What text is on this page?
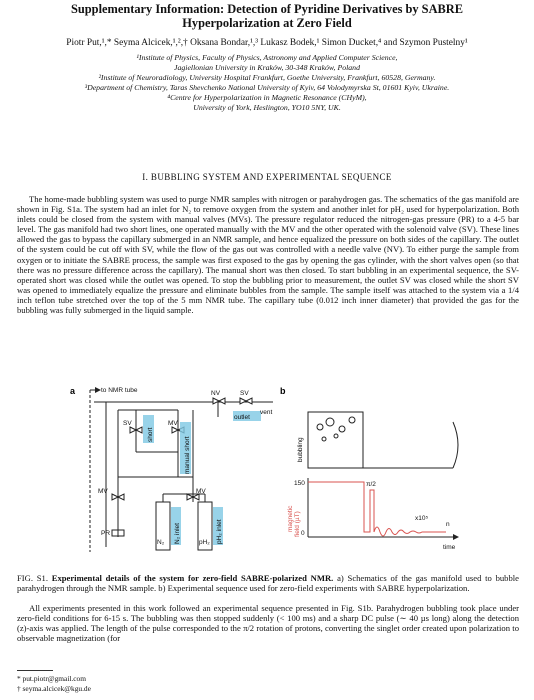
Supplementary Information: Detection of Pyridine Derivatives by SABRE
Hyperpolarization at Zero Field
Piotr Put,¹,* Seyma Alcicek,¹,²,† Oksana Bondar,¹,³ Lukasz Bodek,¹ Simon Ducket,⁴ and Szymon Pustelny¹
¹Institute of Physics, Faculty of Physics, Astronomy and Applied Computer Science,
Jagiellonian University in Kraków, 30-348 Kraków, Poland
²Institute of Neuroradiology, University Hospital Frankfurt, Goethe University, Frankfurt, 60528, Germany.
³Department of Chemistry, Taras Shevchenko National University of Kyiv, 64 Volodymyrska St, 01601 Kyiv, Ukraine.
⁴Centre for Hyperpolarization in Magnetic Resonance (CHyM),
University of York, Heslington, YO10 5NY, UK.
I. BUBBLING SYSTEM AND EXPERIMENTAL SEQUENCE
The home-made bubbling system was used to purge NMR samples with nitrogen or parahydrogen gas. The schematics of the gas manifold are shown in Fig. S1a. The system had an inlet for N₂ to remove oxygen from the system and another inlet for pH₂ used for hyperpolarization. Both inlets could be closed from the system with manual valves (MVs). The pressure regulator reduced the nitrogen-gas pressure (PR) to a 4-5 bar level. The gas manifold had two short lines, one operated manually with the MV and the other operated with the solenoid valve (SV). These lines allowed the gas to bypass the capillary submerged in an NMR sample, and hence equalized the pressure on both sides of the capillary. The outlet of the system could be cut off with SV, while the flow of the gas out was controlled with a needle valve (NV). To either purge the sample from oxygen or to initiate the SABRE process, the sample was first exposed to the gas by opening the gas cylinder, with the short valves open (so that there was no pressure difference across the capillary). The manual short was then closed. To start bubbling in an experimental sequence, the SV-operated short was closed while the outlet was opened. To stop the bubbling prior to measurement, the outlet SV was closed while the short SV was opened to immediately equalize the pressure and eliminate bubbles from the sample. The sample itself was attached to the system via a 1/4 inch teflon tube stretched over the top of the 5 mm NMR tube. The capillary tube (0.012 inch inner diameter) that provided the gas for the bubbling was fully submerged in the liquid sample.
a	to NMR tube	NV	SV
vent
outlet
SV	MV
MV	MV
PR
N₂	pH₂
short
manual short
N₂ inlet	pH₂ inlet
b
bubbling
magnetic field (µT)
150
0
π/2
x10⁵
n
time
FIG. S1. Experimental details of the system for zero-field SABRE-polarized NMR. a) Schematics of the gas manifold used to bubble parahydrogen through the NMR sample. b) Experimental sequence used for zero-field experiments with SABRE hyperpolarization.
All experiments presented in this work followed an experimental sequence presented in Fig. S1b. Parahydrogen bubbling took place under zero-field conditions for 6-15 s. The bubbling was then stopped suddenly (< 100 ms) and a sharp DC pulse (∼ 40 µs long) along the detection (z)-axis was applied. The length of the pulse corresponded to the π/2 rotation of protons, converting the singlet order created upon polarization to observable magnetization (for
* put.piotr@gmail.com
† seyma.alcicek@kgu.de
